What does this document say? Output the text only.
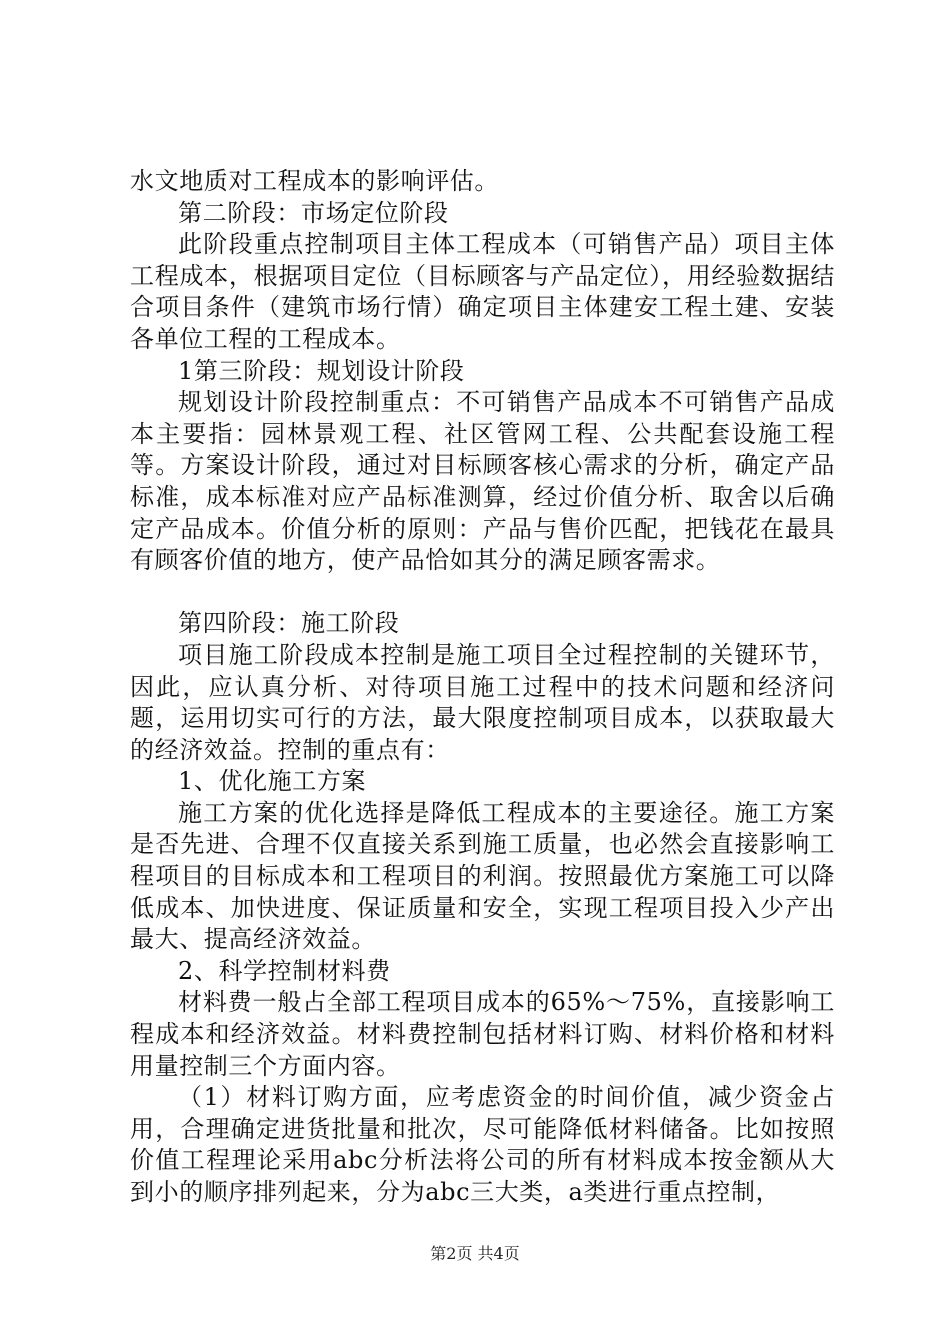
水文地质对工程成本的影响评估。

第二阶段：市场定位阶段

此阶段重点控制项目主体工程成本（可销售产品）项目主体工程成本，根据项目定位（目标顾客与产品定位），用经验数据结合项目条件（建筑市场行情）确定项目主体建安工程土建、安装各单位工程的工程成本。

1第三阶段：规划设计阶段

规划设计阶段控制重点：不可销售产品成本不可销售产品成本主要指：园林景观工程、社区管网工程、公共配套设施工程等。方案设计阶段，通过对目标顾客核心需求的分析，确定产品标准，成本标准对应产品标准测算，经过价值分析、取舍以后确定产品成本。价值分析的原则：产品与售价匹配，把钱花在最具有顾客价值的地方，使产品恰如其分的满足顾客需求。

第四阶段：施工阶段

项目施工阶段成本控制是施工项目全过程控制的关键环节，因此，应认真分析、对待项目施工过程中的技术问题和经济问题，运用切实可行的方法，最大限度控制项目成本，以获取最大的经济效益。控制的重点有：

1、优化施工方案

施工方案的优化选择是降低工程成本的主要途径。施工方案是否先进、合理不仅直接关系到施工质量，也必然会直接影响工程项目的目标成本和工程项目的利润。按照最优方案施工可以降低成本、加快进度、保证质量和安全，实现工程项目投入少产出最大、提高经济效益。

2、科学控制材料费

材料费一般占全部工程项目成本的65%～75%，直接影响工程成本和经济效益。材料费控制包括材料订购、材料价格和材料用量控制三个方面内容。

（1）材料订购方面，应考虑资金的时间价值，减少资金占用，合理确定进货批量和批次，尽可能降低材料储备。比如按照价值工程理论采用abc分析法将公司的所有材料成本按金额从大到小的顺序排列起来，分为abc三大类，a类进行重点控制，

第2页 共4页
